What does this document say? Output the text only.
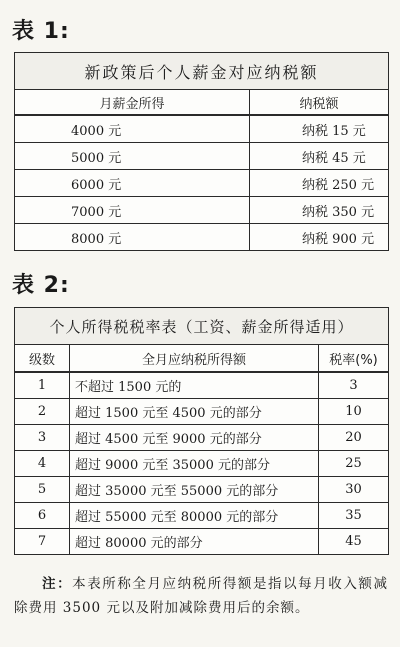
表 1:
新政策后个人薪金对应纳税额	
月薪金所得	纳税额
4000 元	纳税 15 元
5000 元	纳税 45 元
6000 元	纳税 250 元
7000 元	纳税 350 元
8000 元	纳税 900 元
表 2:
个人所得税税率表（工资、薪金所得适用）		
级数	全月应纳税所得额	税率(%)
1	不超过 1500 元的	3
2	超过 1500 元至 4500 元的部分	10
3	超过 4500 元至 9000 元的部分	20
4	超过 9000 元至 35000 元的部分	25
5	超过 35000 元至 55000 元的部分	30
6	超过 55000 元至 80000 元的部分	35
7	超过 80000 元的部分	45
注：本表所称全月应纳税所得额是指以每月收入额减除费用 3500 元以及附加减除费用后的余额。
